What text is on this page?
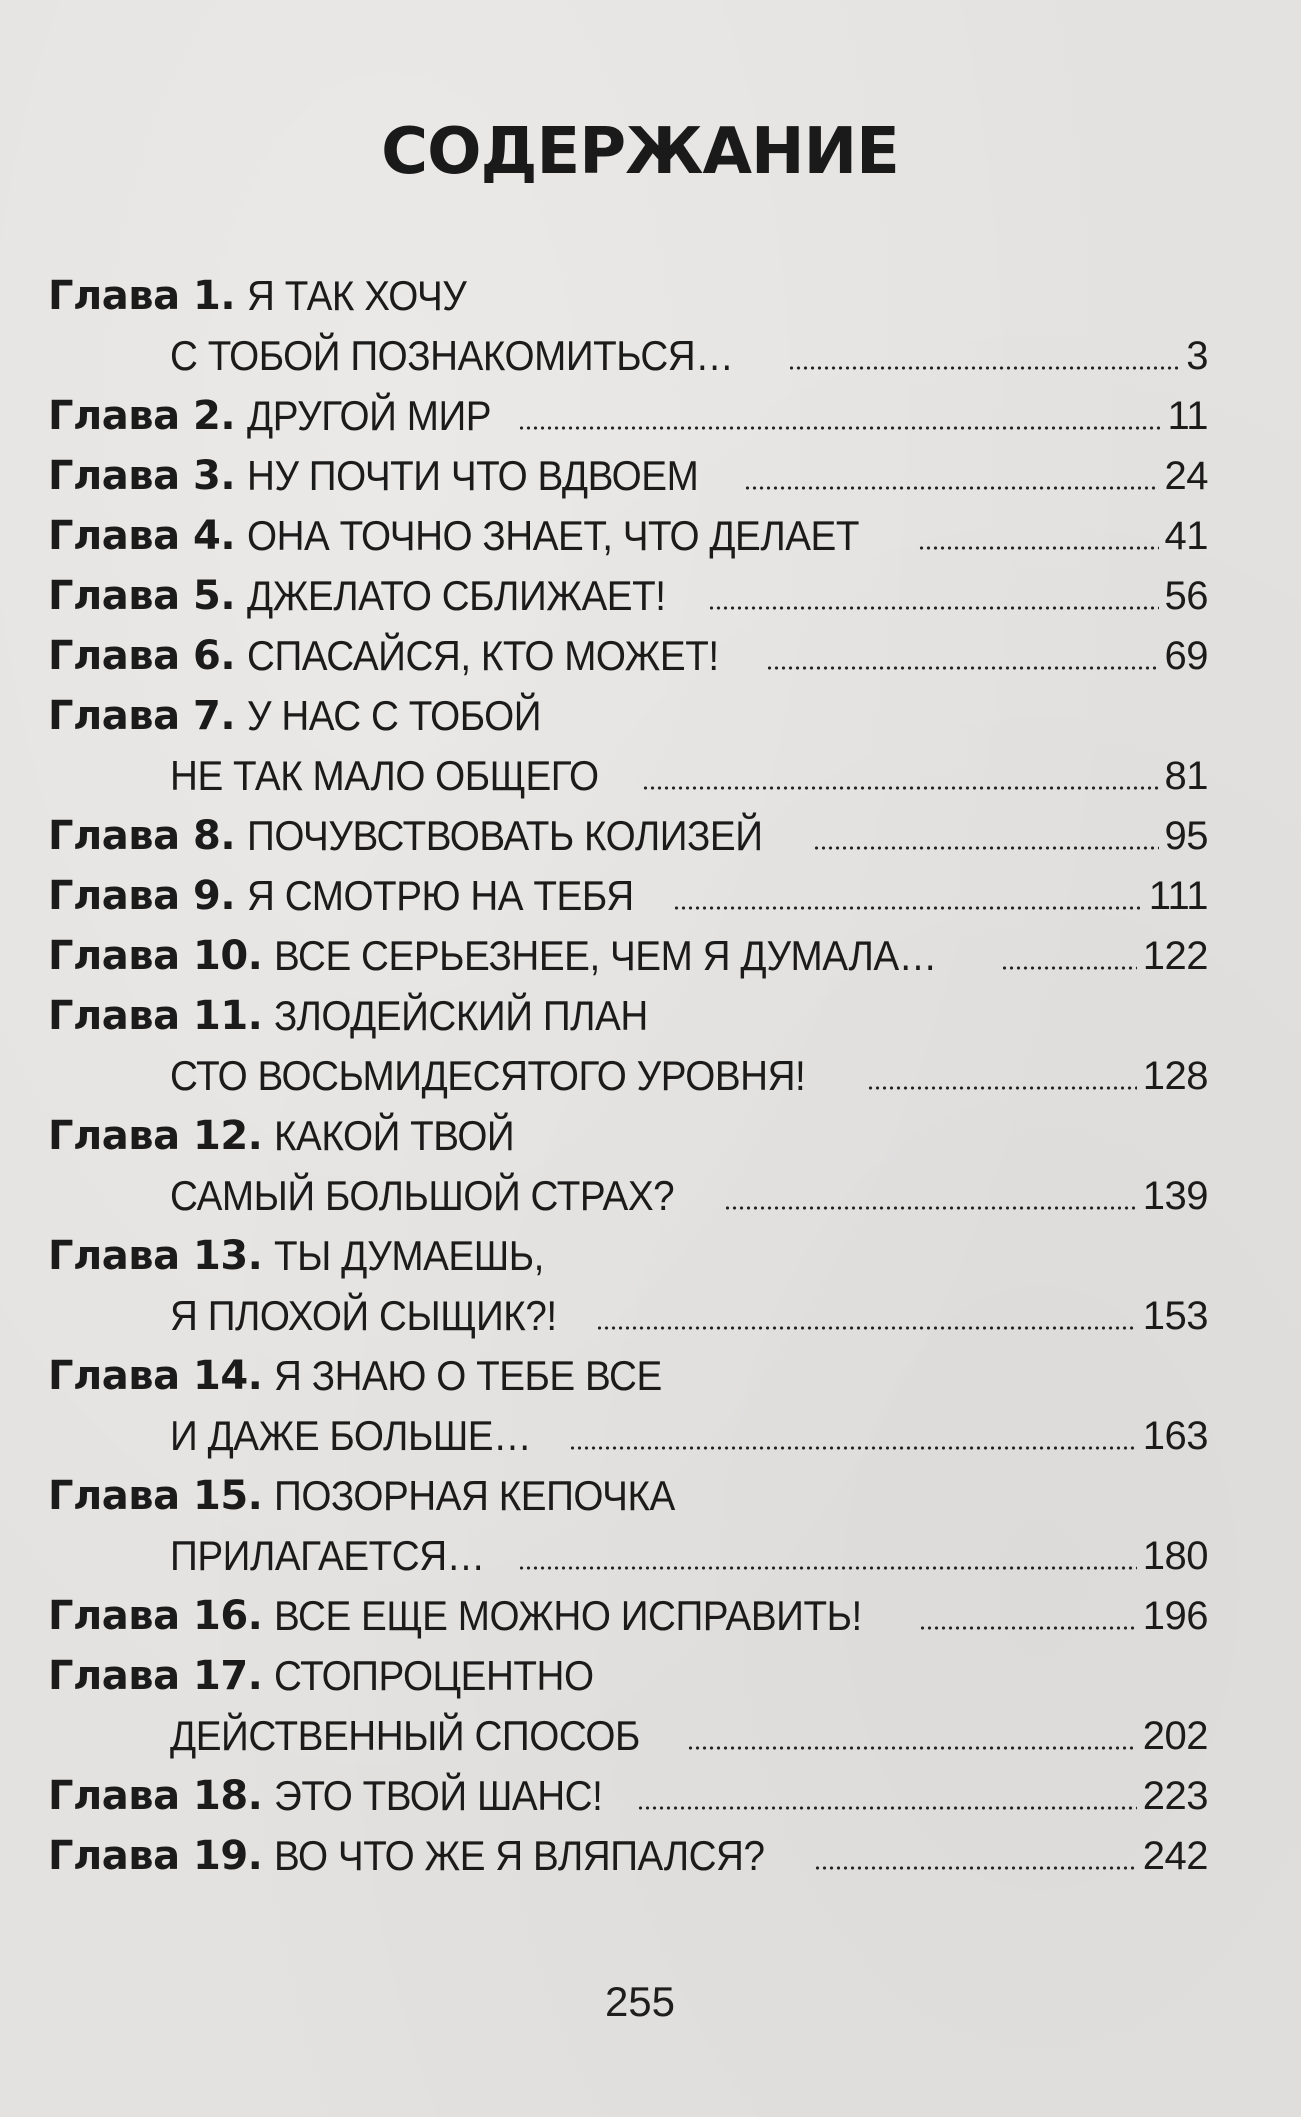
СОДЕРЖАНИЕ
Глава 1. Я ТАК ХОЧУ
С ТОБОЙ ПОЗНАКОМИТЬСЯ…	3
Глава 2. ДРУГОЙ МИР	11
Глава 3. НУ ПОЧТИ ЧТО ВДВОЕМ	24
Глава 4. ОНА ТОЧНО ЗНАЕТ, ЧТО ДЕЛАЕТ	41
Глава 5. ДЖЕЛАТО СБЛИЖАЕТ!	56
Глава 6. СПАСАЙСЯ, КТО МОЖЕТ!	69
Глава 7. У НАС С ТОБОЙ
НЕ ТАК МАЛО ОБЩЕГО	81
Глава 8. ПОЧУВСТВОВАТЬ КОЛИЗЕЙ	95
Глава 9. Я СМОТРЮ НА ТЕБЯ	111
Глава 10. ВСЕ СЕРЬЕЗНЕЕ, ЧЕМ Я ДУМАЛА…	122
Глава 11. ЗЛОДЕЙСКИЙ ПЛАН
СТО ВОСЬМИДЕСЯТОГО УРОВНЯ!	128
Глава 12. КАКОЙ ТВОЙ
САМЫЙ БОЛЬШОЙ СТРАХ?	139
Глава 13. ТЫ ДУМАЕШЬ,
Я ПЛОХОЙ СЫЩИК?!	153
Глава 14. Я ЗНАЮ О ТЕБЕ ВСЕ
И ДАЖЕ БОЛЬШЕ…	163
Глава 15. ПОЗОРНАЯ КЕПОЧКА
ПРИЛАГАЕТСЯ…	180
Глава 16. ВСЕ ЕЩЕ МОЖНО ИСПРАВИТЬ!	196
Глава 17. СТОПРОЦЕНТНО
ДЕЙСТВЕННЫЙ СПОСОБ	202
Глава 18. ЭТО ТВОЙ ШАНС!	223
Глава 19. ВО ЧТО ЖЕ Я ВЛЯПАЛСЯ?	242
255
